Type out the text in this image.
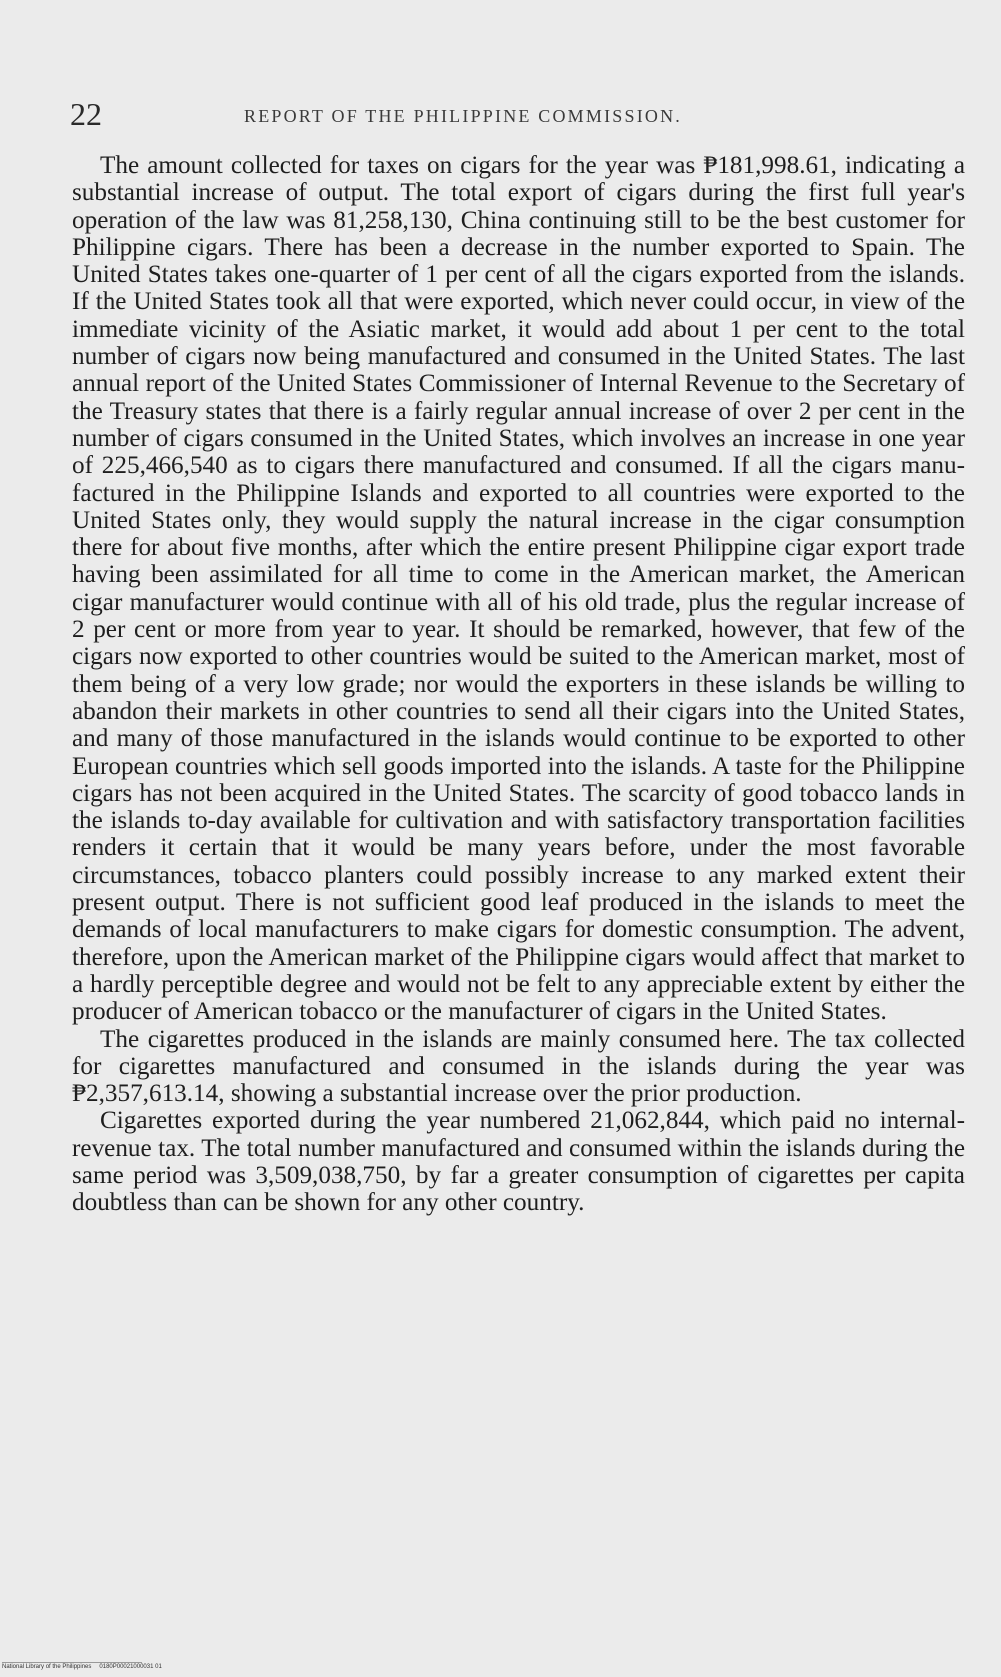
22	REPORT OF THE PHILIPPINE COMMISSION.

The amount collected for taxes on cigars for the year was ₱181,998.61, indicating a substantial increase of output. The total export of cigars during the first full year's operation of the law was 81,258,130, China continuing still to be the best customer for Philippine cigars. There has been a decrease in the number exported to Spain. The United States takes one-quarter of 1 per cent of all the cigars exported from the islands. If the United States took all that were exported, which never could occur, in view of the immediate vicinity of the Asiatic market, it would add about 1 per cent to the total number of cigars now being manufactured and consumed in the United States. The last annual report of the United States Commissioner of Internal Revenue to the Secretary of the Treasury states that there is a fairly regular annual increase of over 2 per cent in the number of cigars consumed in the United States, which involves an increase in one year of 225,466,540 as to cigars there manufactured and consumed. If all the cigars manufactured in the Philippine Islands and exported to all countries were exported to the United States only, they would supply the natural increase in the cigar consumption there for about five months, after which the entire present Philippine cigar export trade having been assimilated for all time to come in the American market, the American cigar manufacturer would continue with all of his old trade, plus the regular increase of 2 per cent or more from year to year. It should be remarked, however, that few of the cigars now exported to other countries would be suited to the American market, most of them being of a very low grade; nor would the exporters in these islands be willing to abandon their markets in other countries to send all their cigars into the United States, and many of those manufactured in the islands would continue to be exported to other European countries which sell goods imported into the islands. A taste for the Philippine cigars has not been acquired in the United States. The scarcity of good tobacco lands in the islands to-day available for cultivation and with satisfactory transportation facilities renders it certain that it would be many years before, under the most favorable circumstances, tobacco planters could possibly increase to any marked extent their present output. There is not sufficient good leaf produced in the islands to meet the demands of local manufacturers to make cigars for domestic consumption. The advent, therefore, upon the American market of the Philippine cigars would affect that market to a hardly perceptible degree and would not be felt to any appreciable extent by either the producer of American tobacco or the manufacturer of cigars in the United States.

The cigarettes produced in the islands are mainly consumed here. The tax collected for cigarettes manufactured and consumed in the islands during the year was ₱2,357,613.14, showing a substantial increase over the prior production.

Cigarettes exported during the year numbered 21,062,844, which paid no internal-revenue tax. The total number manufactured and consumed within the islands during the same period was 3,509,038,750, by far a greater consumption of cigarettes per capita doubtless than can be shown for any other country.

National Library of the Philippines 0180P00021000031 01
